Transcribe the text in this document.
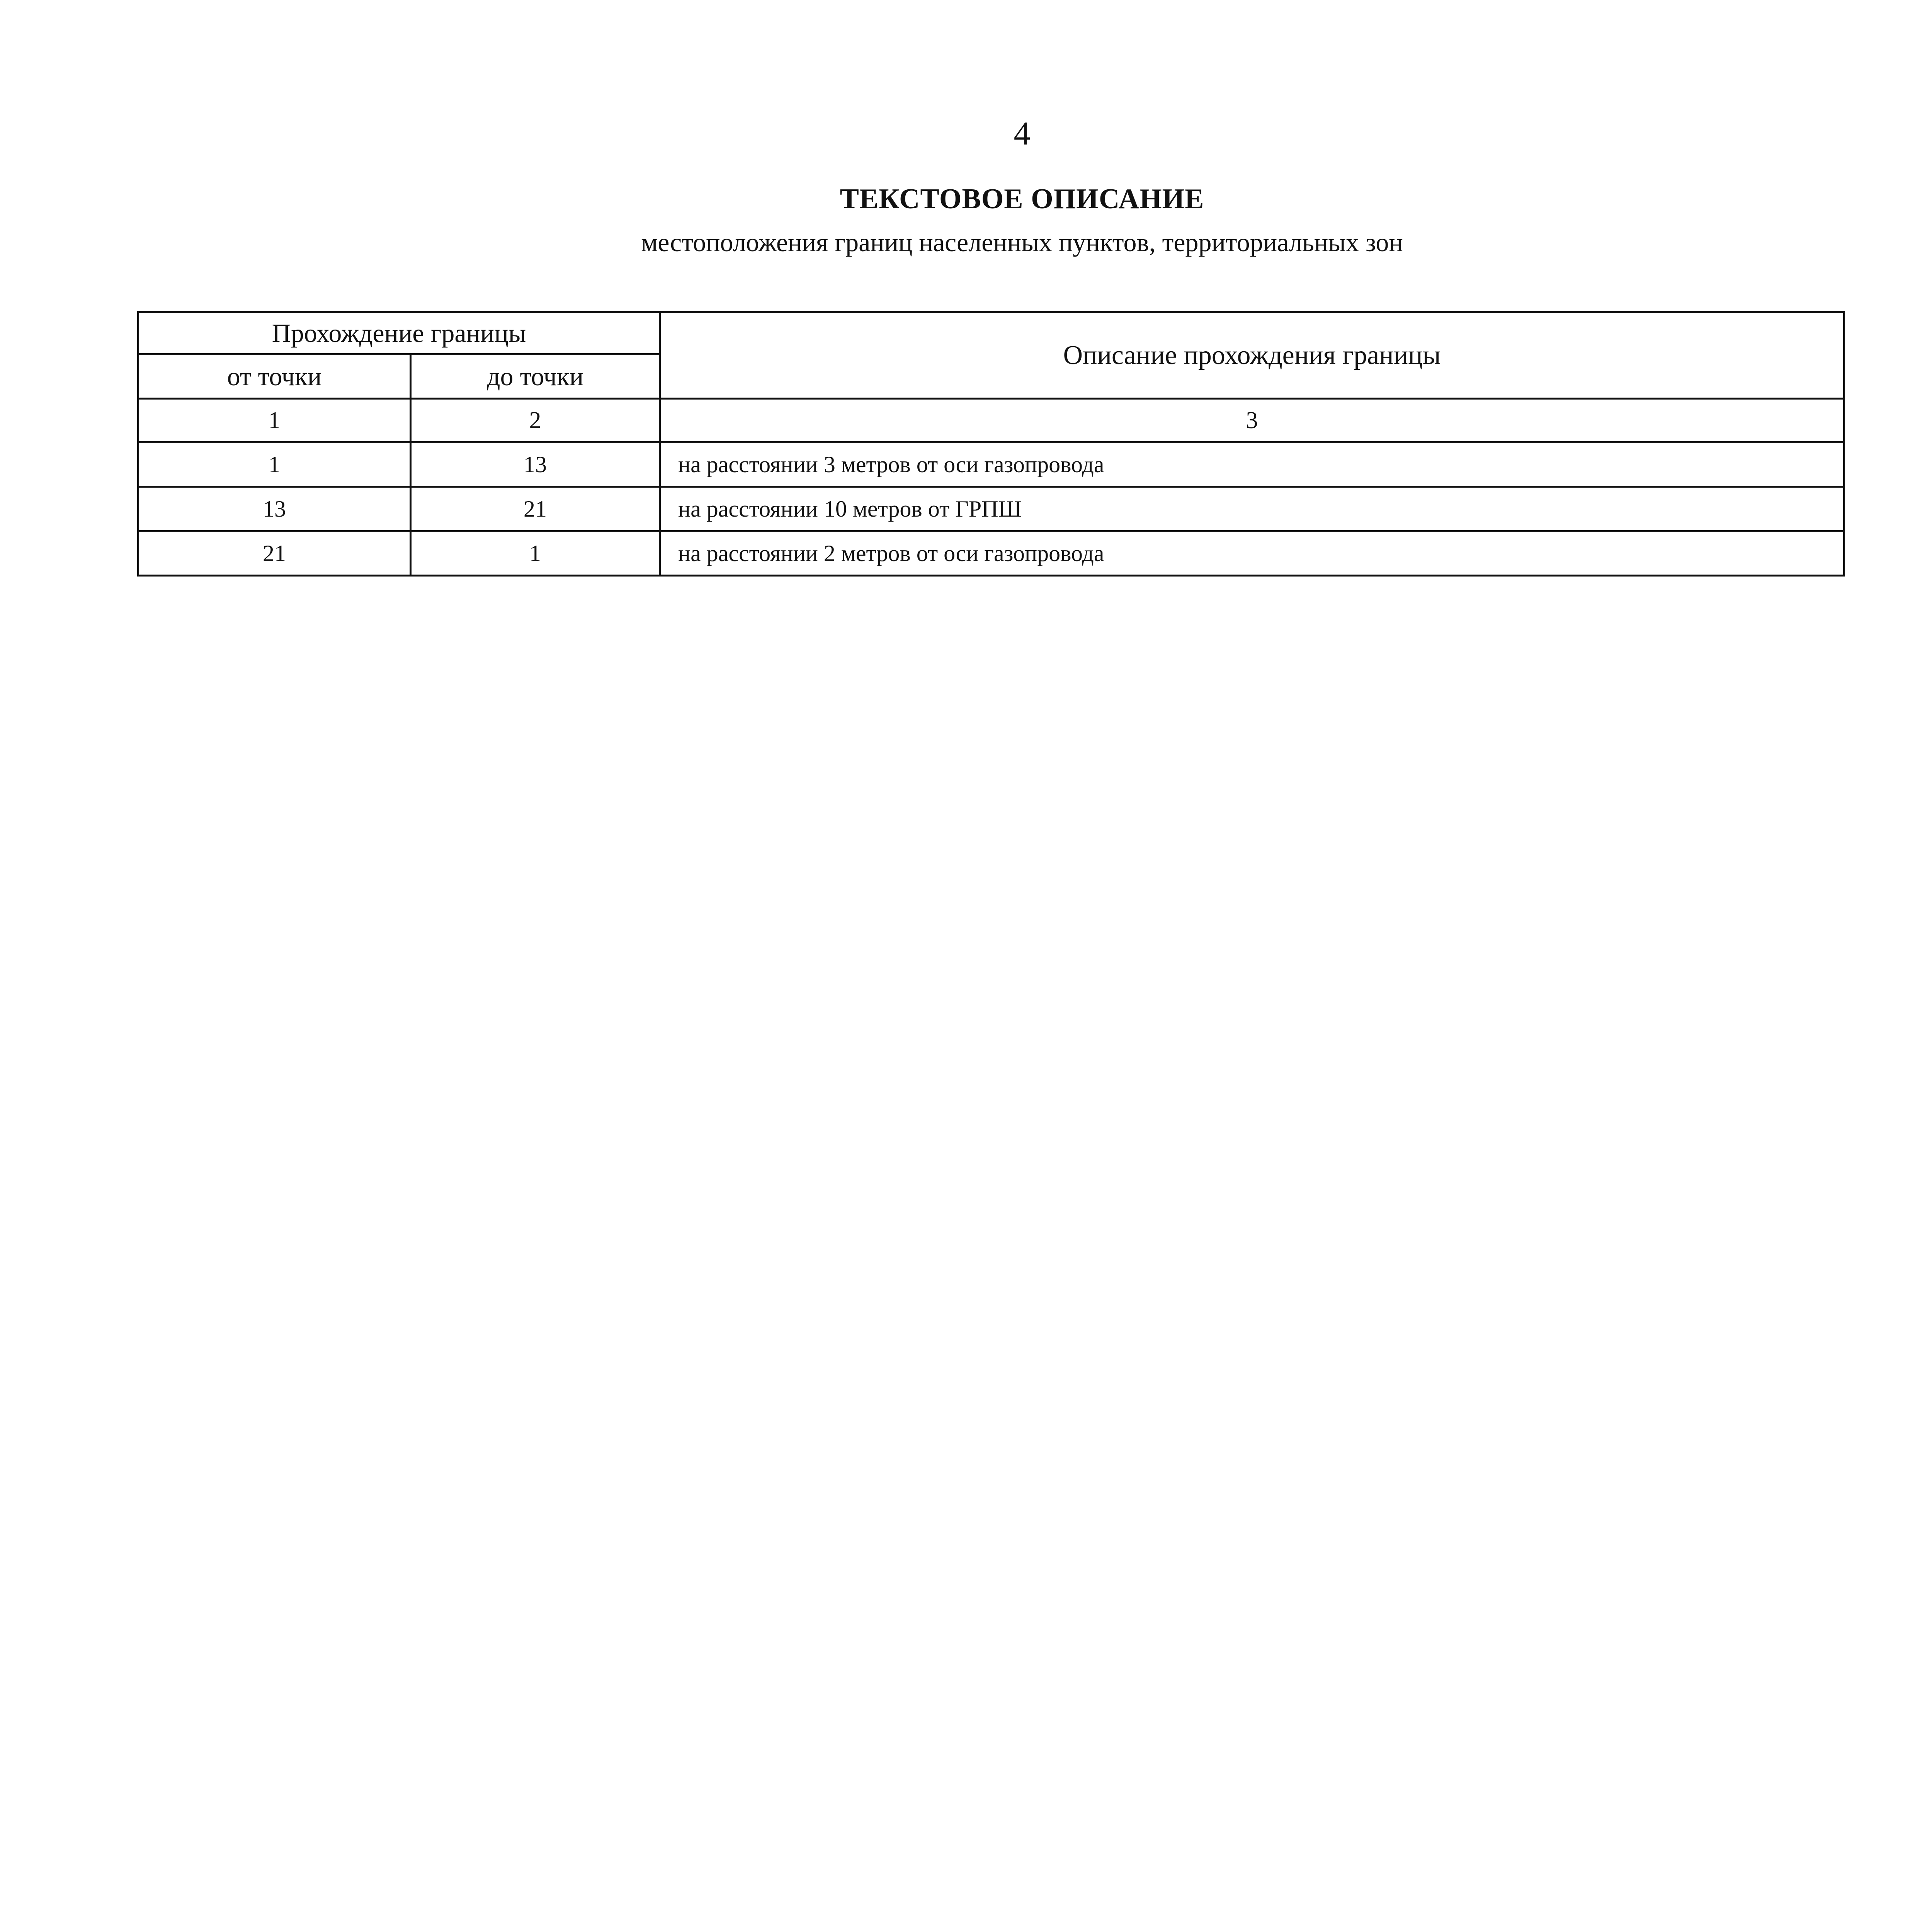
4
ТЕКСТОВОЕ ОПИСАНИЕ
местоположения границ населенных пунктов, территориальных зон
Прохождение границы		Описание прохождения границы
от точки	до точки	
1	2	3
1	13	на расстоянии 3 метров от оси газопровода
13	21	на расстоянии 10 метров от ГРПШ
21	1	на расстоянии 2 метров от оси газопровода
